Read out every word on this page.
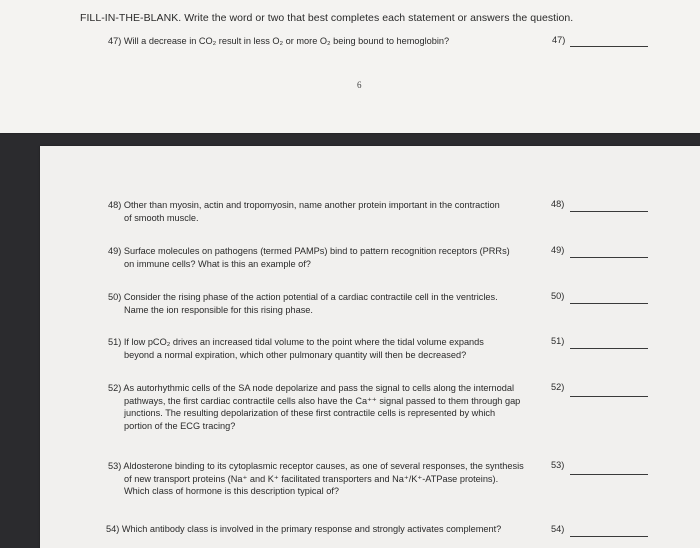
FILL-IN-THE-BLANK. Write the word or two that best completes each statement or answers the question.
47) Will a decrease in CO₂ result in less O₂ or more O₂ being bound to hemoglobin?	47)
6
48) Other than myosin, actin and tropomyosin, name another protein important in the contraction
of smooth muscle.
48)
49) Surface molecules on pathogens (termed PAMPs) bind to pattern recognition receptors (PRRs)
on immune cells? What is this an example of?
49)
50) Consider the rising phase of the action potential of a cardiac contractile cell in the ventricles.
Name the ion responsible for this rising phase.
50)
51) If low pCO₂ drives an increased tidal volume to the point where the tidal volume expands
beyond a normal expiration, which other pulmonary quantity will then be decreased?
51)
52) As autorhythmic cells of the SA node depolarize and pass the signal to cells along the internodal
pathways, the first cardiac contractile cells also have the Ca⁺⁺ signal passed to them through gap
junctions. The resulting depolarization of these first contractile cells is represented by which
portion of the ECG tracing?
52)
53) Aldosterone binding to its cytoplasmic receptor causes, as one of several responses, the synthesis
of new transport proteins (Na⁺ and K⁺ facilitated transporters and Na⁺/K⁺-ATPase proteins).
Which class of hormone is this description typical of?
53)
54) Which antibody class is involved in the primary response and strongly activates complement?	54)
